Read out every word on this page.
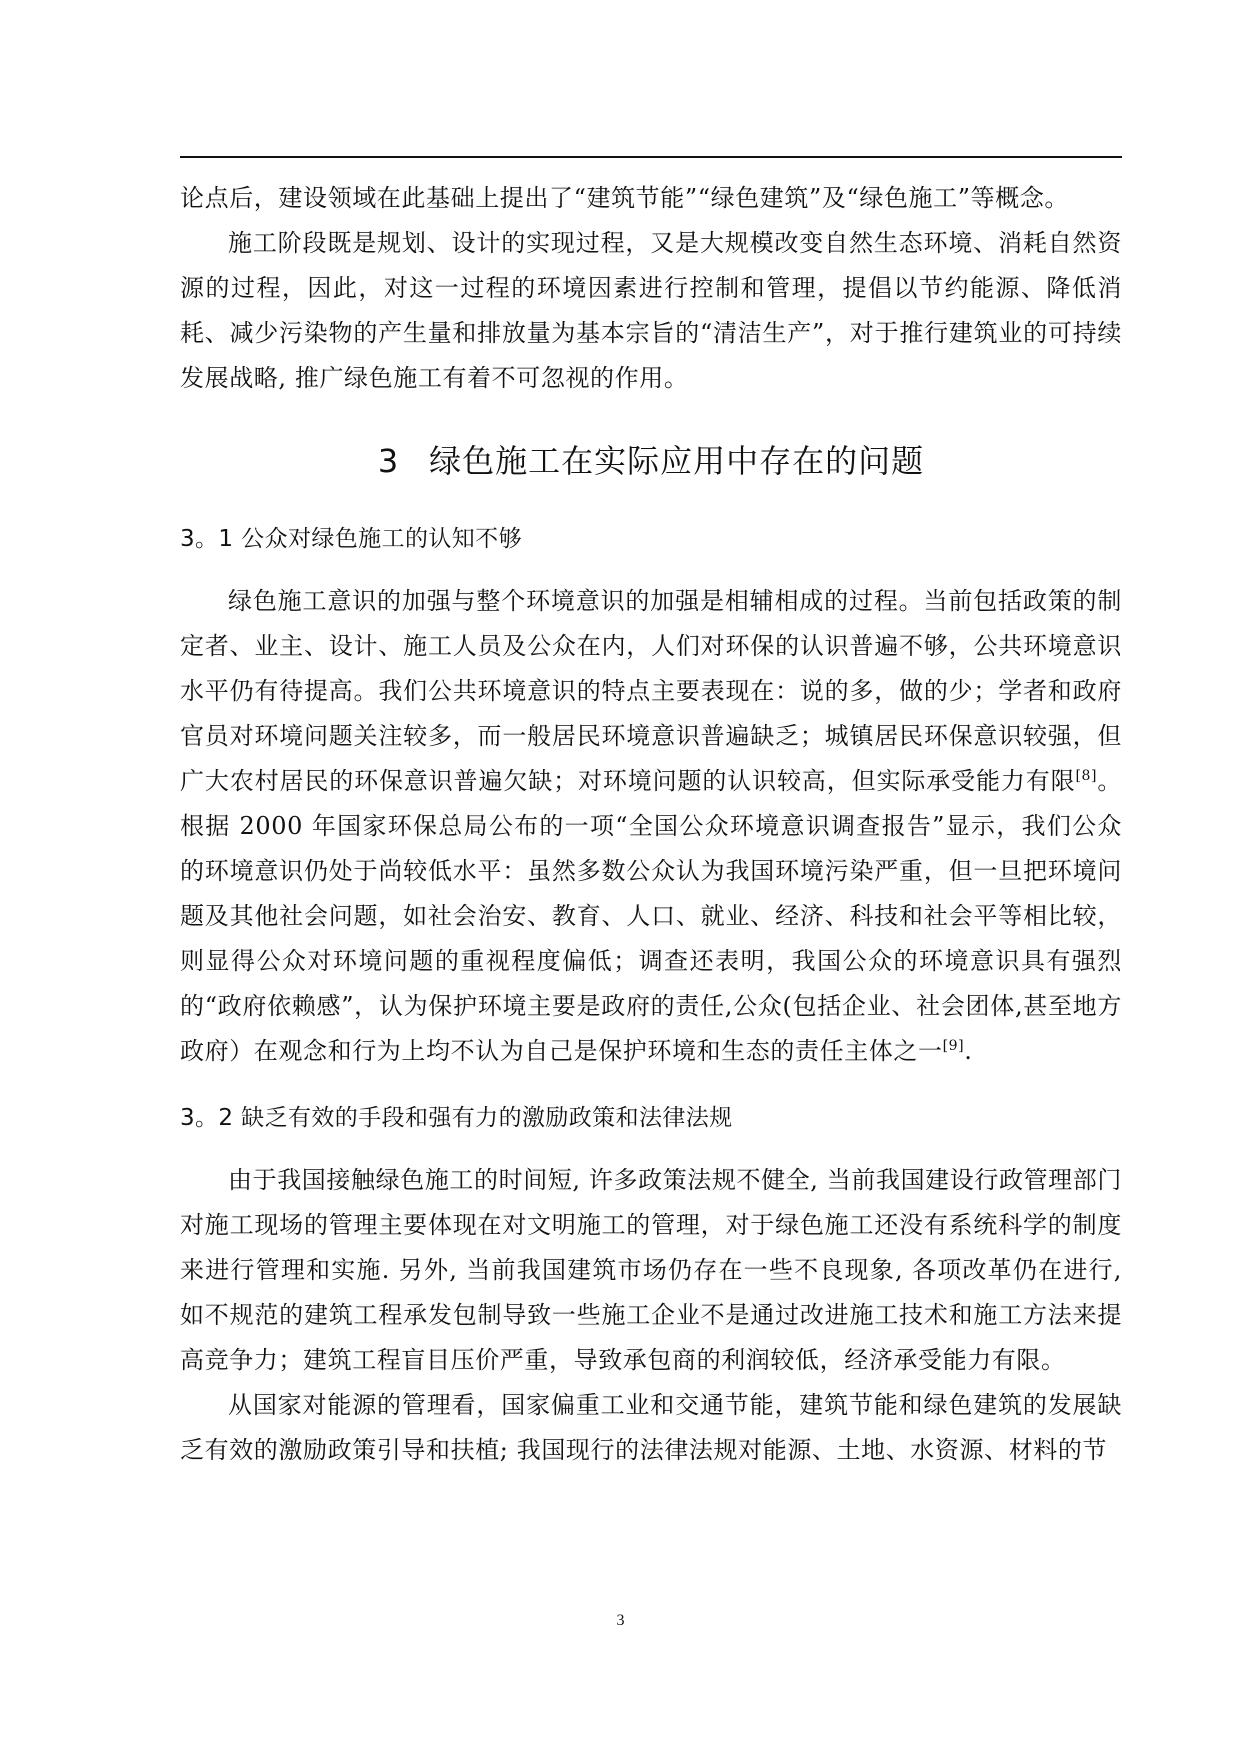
论点后，建设领域在此基础上提出了“建筑节能”“绿色建筑”及“绿色施工”等概念。

施工阶段既是规划、设计的实现过程，又是大规模改变自然生态环境、消耗自然资源的过程，因此，对这一过程的环境因素进行控制和管理，提倡以节约能源、降低消耗、减少污染物的产生量和排放量为基本宗旨的“清洁生产”，对于推行建筑业的可持续发展战略, 推广绿色施工有着不可忽视的作用。

3 绿色施工在实际应用中存在的问题
3。1 公众对绿色施工的认知不够

绿色施工意识的加强与整个环境意识的加强是相辅相成的过程。当前包括政策的制定者、业主、设计、施工人员及公众在内，人们对环保的认识普遍不够，公共环境意识水平仍有待提高。我们公共环境意识的特点主要表现在：说的多，做的少；学者和政府官员对环境问题关注较多，而一般居民环境意识普遍缺乏；城镇居民环保意识较强，但广大农村居民的环保意识普遍欠缺；对环境问题的认识较高，但实际承受能力有限[8]。根据 2000 年国家环保总局公布的一项“全国公众环境意识调查报告”显示，我们公众的环境意识仍处于尚较低水平：虽然多数公众认为我国环境污染严重，但一旦把环境问题及其他社会问题，如社会治安、教育、人口、就业、经济、科技和社会平等相比较，则显得公众对环境问题的重视程度偏低；调查还表明，我国公众的环境意识具有强烈的“政府依赖感”，认为保护环境主要是政府的责任,公众(包括企业、社会团体,甚至地方政府）在观念和行为上均不认为自己是保护环境和生态的责任主体之一[9].

3。2 缺乏有效的手段和强有力的激励政策和法律法规

由于我国接触绿色施工的时间短, 许多政策法规不健全, 当前我国建设行政管理部门对施工现场的管理主要体现在对文明施工的管理，对于绿色施工还没有系统科学的制度来进行管理和实施. 另外, 当前我国建筑市场仍存在一些不良现象, 各项改革仍在进行, 如不规范的建筑工程承发包制导致一些施工企业不是通过改进施工技术和施工方法来提高竞争力；建筑工程盲目压价严重，导致承包商的利润较低，经济承受能力有限。

从国家对能源的管理看，国家偏重工业和交通节能，建筑节能和绿色建筑的发展缺乏有效的激励政策引导和扶植; 我国现行的法律法规对能源、土地、水资源、材料的节

3
